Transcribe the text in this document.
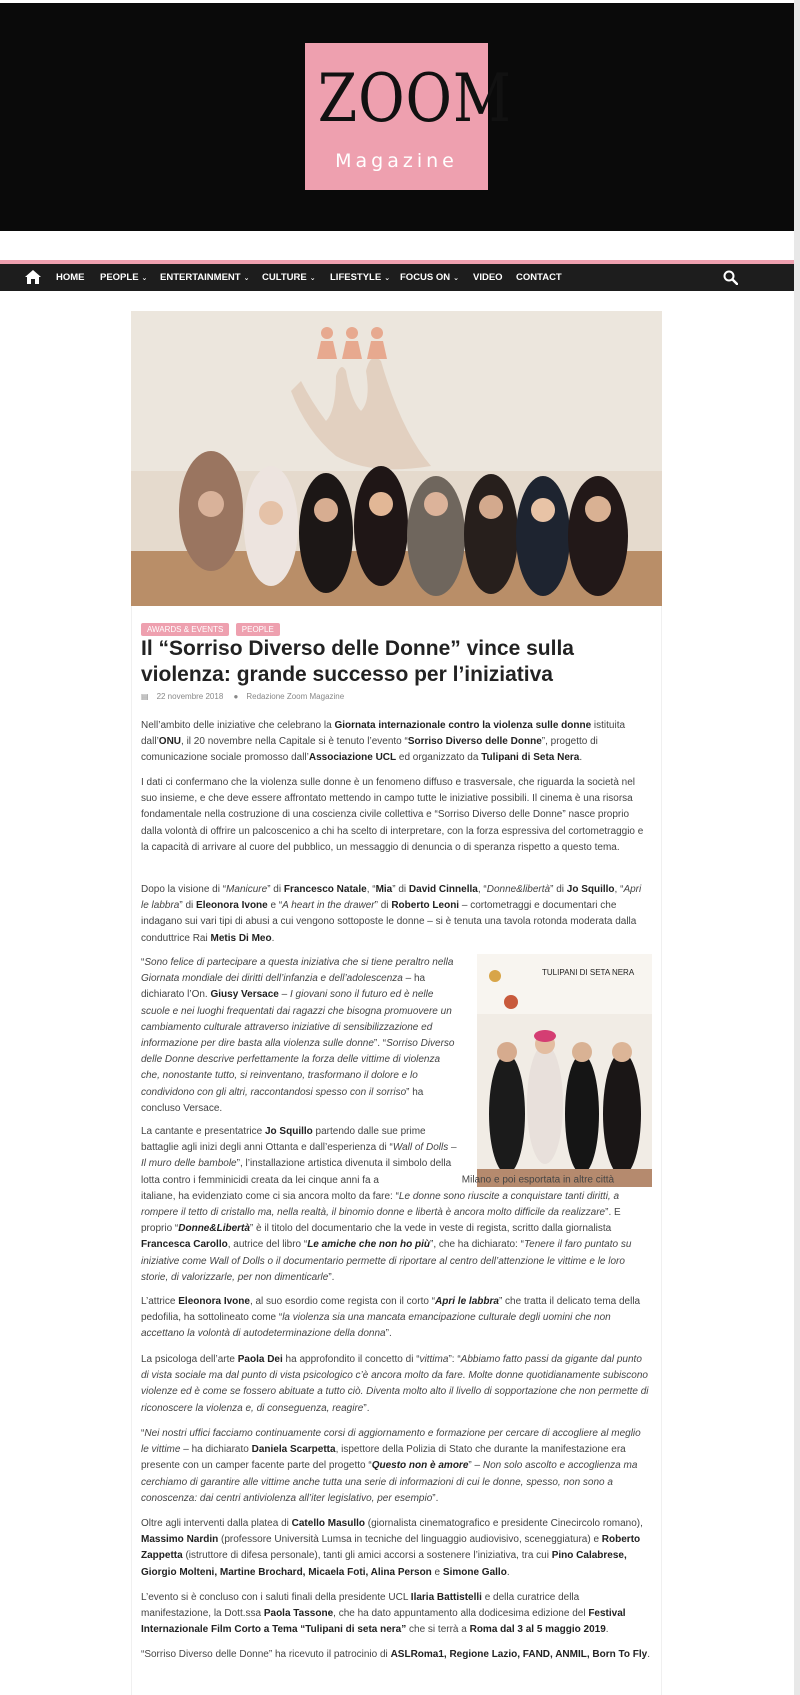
ZOOM
Magazine
HOME PEOPLE ⌄ ENTERTAINMENT ⌄ CULTURE ⌄ LIFESTYLE ⌄ FOCUS ON ⌄ VIDEO CONTACT
AWARDS & EVENTS PEOPLE
Il “Sorriso Diverso delle Donne” vince sulla violenza: grande successo per l’iniziativa
▤ 22 novembre 2018 ● Redazione Zoom Magazine
Nell’ambito delle iniziative che celebrano la Giornata internazionale contro la violenza sulle donne istituita dall’ONU, il 20 novembre nella Capitale si è tenuto l’evento “Sorriso Diverso delle Donne”, progetto di comunicazione sociale promosso dall’Associazione UCL ed organizzato da Tulipani di Seta Nera.
I dati ci confermano che la violenza sulle donne è un fenomeno diffuso e trasversale, che riguarda la società nel suo insieme, e che deve essere affrontato mettendo in campo tutte le iniziative possibili. Il cinema è una risorsa fondamentale nella costruzione di una coscienza civile collettiva e “Sorriso Diverso delle Donne” nasce proprio dalla volontà di offrire un palcoscenico a chi ha scelto di interpretare, con la forza espressiva del cortometraggio e la capacità di arrivare al cuore del pubblico, un messaggio di denuncia o di speranza rispetto a questo tema.
Dopo la visione di “Manicure” di Francesco Natale, “Mia” di David Cinnella, “Donne&libertà” di Jo Squillo, “Apri le labbra” di Eleonora Ivone e “A heart in the drawer” di Roberto Leoni – cortometraggi e documentari che indagano sui vari tipi di abusi a cui vengono sottoposte le donne – si è tenuta una tavola rotonda moderata dalla conduttrice Rai Metis Di Meo.
TULIPANI DI SETA NERA
“Sono felice di partecipare a questa iniziativa che si tiene peraltro nella Giornata mondiale dei diritti dell’infanzia e dell’adolescenza – ha dichiarato l’On. Giusy Versace – I giovani sono il futuro ed è nelle scuole e nei luoghi frequentati dai ragazzi che bisogna promuovere un cambiamento culturale attraverso iniziative di sensibilizzazione ed informazione per dire basta alla violenza sulle donne”. “Sorriso Diverso delle Donne descrive perfettamente la forza delle vittime di violenza che, nonostante tutto, si reinventano, trasformano il dolore e lo condividono con gli altri, raccontandosi spesso con il sorriso” ha concluso Versace.
La cantante e presentatrice Jo Squillo partendo dalle sue prime battaglie agli inizi degli anni Ottanta e dall’esperienza di “Wall of Dolls – Il muro delle bambole”, l’installazione artistica divenuta il simbolo della lotta contro i femminicidi creata da lei cinque anni fa a	Milano e poi esportata in altre città italiane, ha evidenziato come ci sia ancora molto da fare: “Le donne sono riuscite a conquistare tanti diritti, a rompere il tetto di cristallo ma, nella realtà, il binomio donne e libertà è ancora molto difficile da realizzare”. E proprio “Donne&Libertà” è il titolo del documentario che la vede in veste di regista, scritto dalla giornalista Francesca Carollo, autrice del libro “Le amiche che non ho più”, che ha dichiarato: “Tenere il faro puntato su iniziative come Wall of Dolls o il documentario permette di riportare al centro dell’attenzione le vittime e le loro storie, di valorizzarle, per non dimenticarle”.
L’attrice Eleonora Ivone, al suo esordio come regista con il corto “Apri le labbra” che tratta il delicato tema della pedofilia, ha sottolineato come “la violenza sia una mancata emancipazione culturale degli uomini che non accettano la volontà di autodeterminazione della donna”.
La psicologa dell’arte Paola Dei ha approfondito il concetto di “vittima”: “Abbiamo fatto passi da gigante dal punto di vista sociale ma dal punto di vista psicologico c’è ancora molto da fare. Molte donne quotidianamente subiscono violenze ed è come se fossero abituate a tutto ciò. Diventa molto alto il livello di sopportazione che non permette di riconoscere la violenza e, di conseguenza, reagire”.
“Nei nostri uffici facciamo continuamente corsi di aggiornamento e formazione per cercare di accogliere al meglio le vittime – ha dichiarato Daniela Scarpetta, ispettore della Polizia di Stato che durante la manifestazione era presente con un camper facente parte del progetto “Questo non è amore” – Non solo ascolto e accoglienza ma cerchiamo di garantire alle vittime anche tutta una serie di informazioni di cui le donne, spesso, non sono a conoscenza: dai centri antiviolenza all’iter legislativo, per esempio”.
Oltre agli interventi dalla platea di Catello Masullo (giornalista cinematografico e presidente Cinecircolo romano), Massimo Nardin (professore Università Lumsa in tecniche del linguaggio audiovisivo, sceneggiatura) e Roberto Zappetta (istruttore di difesa personale), tanti gli amici accorsi a sostenere l’iniziativa, tra cui Pino Calabrese, Giorgio Molteni, Martine Brochard, Micaela Foti, Alina Person e Simone Gallo.
L’evento si è concluso con i saluti finali della presidente UCL Ilaria Battistelli e della curatrice della manifestazione, la Dott.ssa Paola Tassone, che ha dato appuntamento alla dodicesima edizione del Festival Internazionale Film Corto a Tema “Tulipani di seta nera” che si terrà a Roma dal 3 al 5 maggio 2019.
“Sorriso Diverso delle Donne” ha ricevuto il patrocinio di ASLRoma1, Regione Lazio, FAND, ANMIL, Born To Fly.
